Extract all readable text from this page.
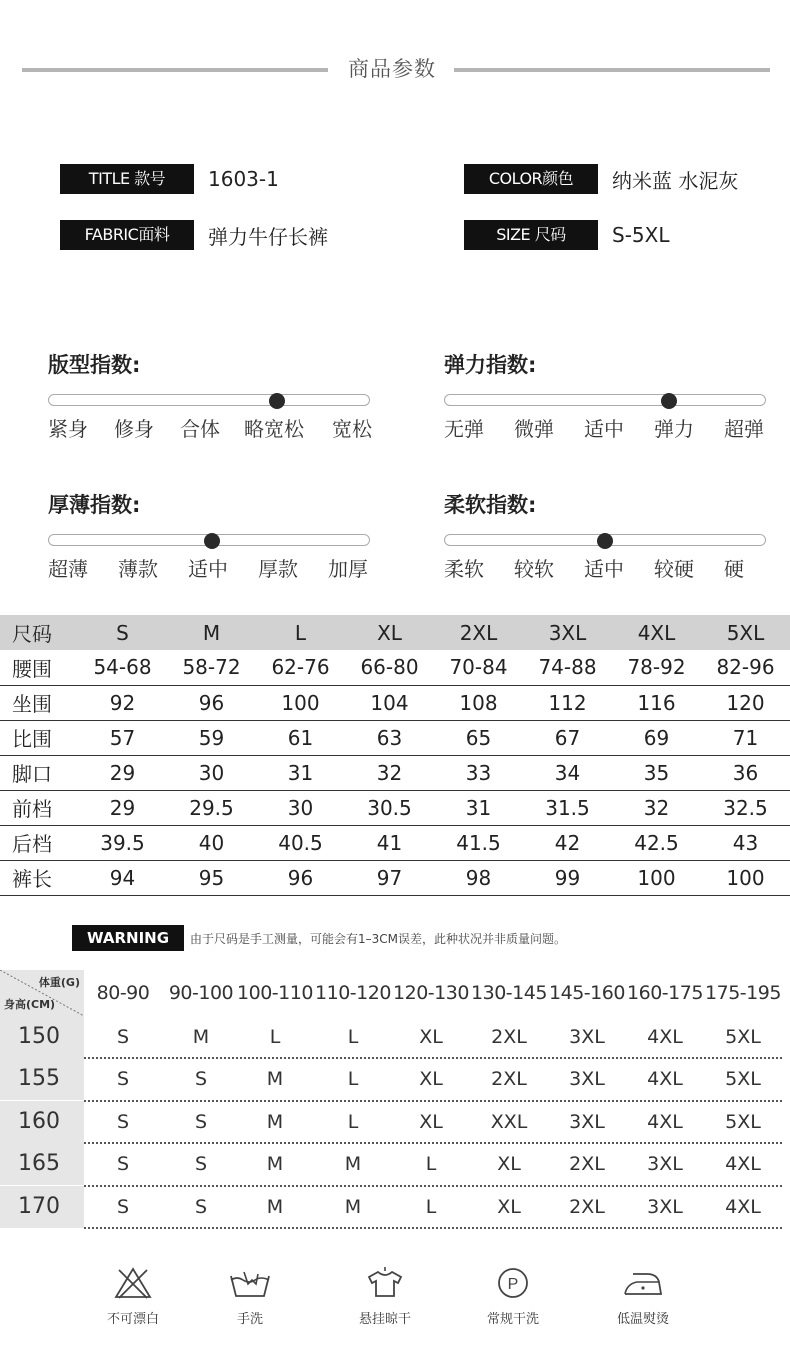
商品参数
TITLE 款号	1603-1	COLOR颜色	纳米蓝 水泥灰
FABRIC面料	弹力牛仔长裤	SIZE 尺码	S-5XL
版型指数:
紧身 修身 合体 略宽松 宽松
弹力指数:
无弹 微弹 适中 弹力 超弹
厚薄指数:
超薄 薄款 适中 厚款 加厚
柔软指数:
柔软 较软 适中 较硬 硬
尺码	S	M	L	XL	2XL	3XL	4XL	5XL
腰围	54-68	58-72	62-76	66-80	70-84	74-88	78-92	82-96
坐围	92	96	100	104	108	112	116	120
比围	57	59	61	63	65	67	69	71
脚口	29	30	31	32	33	34	35	36
前档	29	29.5	30	30.5	31	31.5	32	32.5
后档	39.5	40	40.5	41	41.5	42	42.5	43
裤长	94	95	96	97	98	99	100	100
WARNING	由于尺码是手工测量，可能会有1–3CM误差，此种状况并非质量问题。
体重(G)
身高(CM)
80-90	90-100 100-110 110-120 120-130 130-145 145-160 160-175 175-195
150	S	M	L	L	XL	2XL	3XL	4XL	5XL
155	S	S	M	L	XL	2XL	3XL	4XL	5XL
160	S	S	M	L	XL	XXL	3XL	4XL	5XL
165	S	S	M	M	L	XL	2XL	3XL	4XL
170	S	S	M	M	L	XL	2XL	3XL	4XL
不可漂白	手洗	悬挂晾干
P
常规干洗	低温熨烫
